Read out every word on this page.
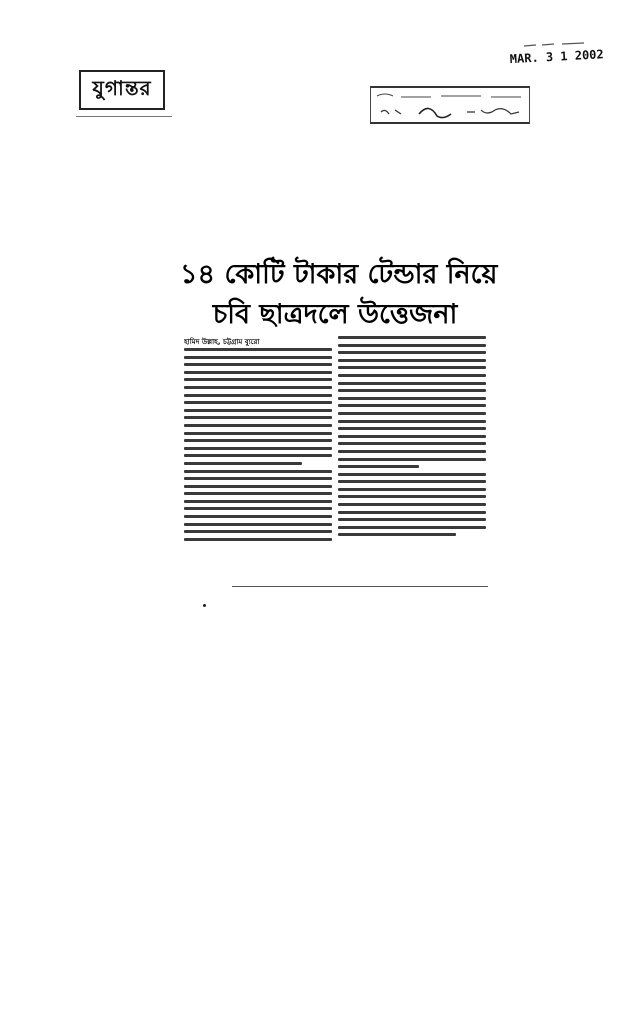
যুগান্তর
MAR. 3 1 2002
১৪ কোটি টাকার টেন্ডার নিয়ে
চবি ছাত্রদলে উত্তেজনা
হামিদ উল্লাহ, চট্টগ্রাম ব্যুরো
